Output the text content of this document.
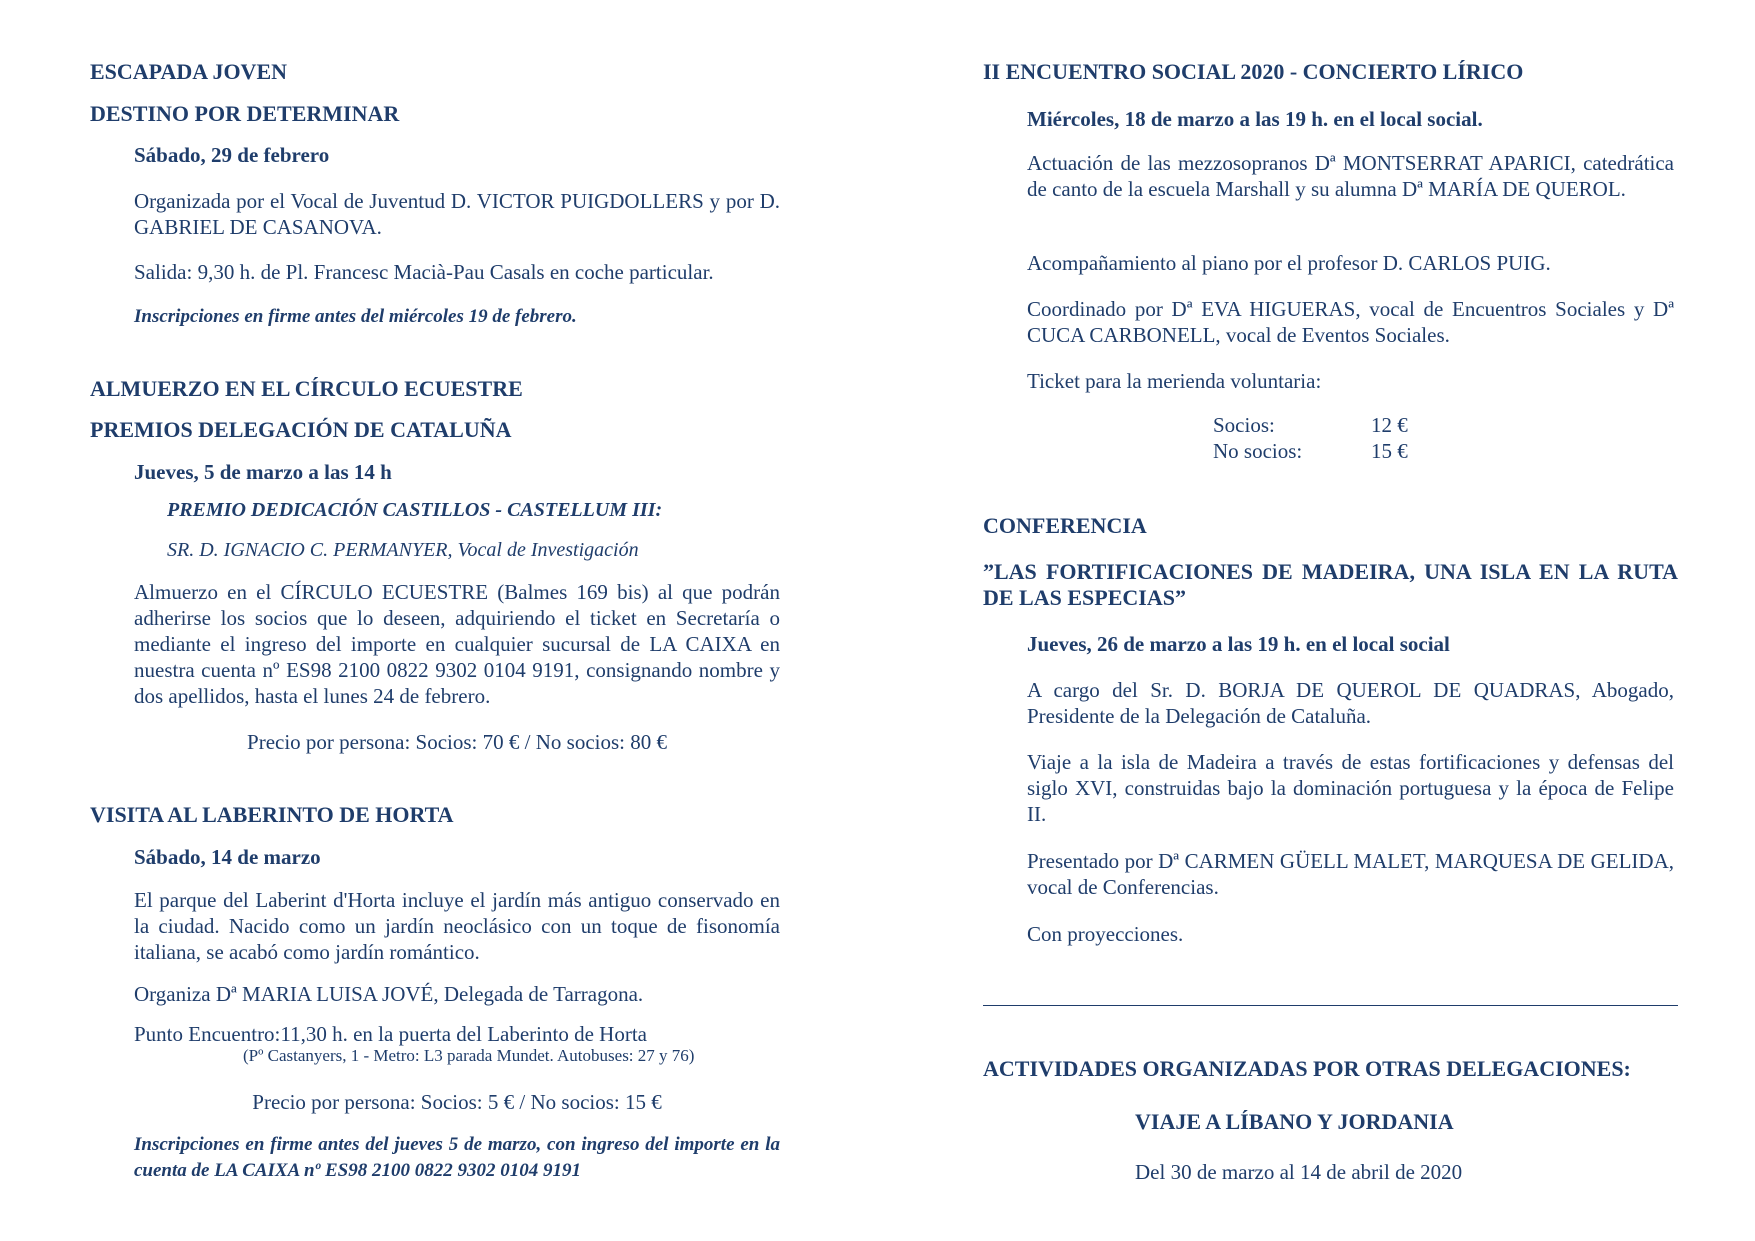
ESCAPADA JOVEN

DESTINO POR DETERMINAR

Sábado, 29 de febrero

Organizada por el Vocal de Juventud D. VICTOR PUIGDOLLERS y por D. GABRIEL DE CASANOVA.

Salida: 9,30 h. de Pl. Francesc Macià-Pau Casals en coche particular.

Inscripciones en firme antes del miércoles 19 de febrero.

ALMUERZO EN EL CÍRCULO ECUESTRE

PREMIOS DELEGACIÓN DE CATALUÑA

Jueves, 5 de marzo a las 14 h

PREMIO DEDICACIÓN CASTILLOS - CASTELLUM III:

SR. D. IGNACIO C. PERMANYER, Vocal de Investigación

Almuerzo en el CÍRCULO ECUESTRE (Balmes 169 bis) al que podrán adherirse los socios que lo deseen, adquiriendo el ticket en Secretaría o mediante el ingreso del importe en cualquier sucursal de LA CAIXA en nuestra cuenta nº ES98 2100 0822 9302 0104 9191, consignando nombre y dos apellidos, hasta el lunes 24 de febrero.

Precio por persona: Socios: 70 € / No socios: 80 €

VISITA AL LABERINTO DE HORTA

Sábado, 14 de marzo

El parque del Laberint d'Horta incluye el jardín más antiguo conservado en la ciudad. Nacido como un jardín neoclásico con un toque de fisonomía italiana, se acabó como jardín romántico.

Organiza Dª MARIA LUISA JOVÉ, Delegada de Tarragona.

Punto Encuentro:11,30 h. en la puerta del Laberinto de Horta

(Pº Castanyers, 1 - Metro: L3 parada Mundet. Autobuses: 27 y 76)

Precio por persona: Socios: 5 € / No socios: 15 €

Inscripciones en firme antes del jueves 5 de marzo, con ingreso del importe en la cuenta de LA CAIXA nº ES98 2100 0822 9302 0104 9191

II ENCUENTRO SOCIAL 2020 - CONCIERTO LÍRICO

Miércoles, 18 de marzo a las 19 h. en el local social.

Actuación de las mezzosopranos Dª MONTSERRAT APARICI, catedrática de canto de la escuela Marshall y su alumna Dª MARÍA DE QUEROL.

Acompañamiento al piano por el profesor D. CARLOS PUIG.

Coordinado por Dª EVA HIGUERAS, vocal de Encuentros Sociales y Dª CUCA CARBONELL, vocal de Eventos Sociales.

Ticket para la merienda voluntaria:

Socios:	12 €
No socios:	15 €

CONFERENCIA

”LAS FORTIFICACIONES DE MADEIRA, UNA ISLA EN LA RUTA DE LAS ESPECIAS”

Jueves, 26 de marzo a las 19 h. en el local social

A cargo del Sr. D. BORJA DE QUEROL DE QUADRAS, Abogado, Presidente de la Delegación de Cataluña.

Viaje a la isla de Madeira a través de estas fortificaciones y defensas del siglo XVI, construidas bajo la dominación portuguesa y la época de Felipe II.

Presentado por Dª CARMEN GÜELL MALET, MARQUESA DE GELIDA, vocal de Conferencias.

Con proyecciones.

ACTIVIDADES ORGANIZADAS POR OTRAS DELEGACIONES:

VIAJE A LÍBANO Y JORDANIA

Del 30 de marzo al 14 de abril de 2020
